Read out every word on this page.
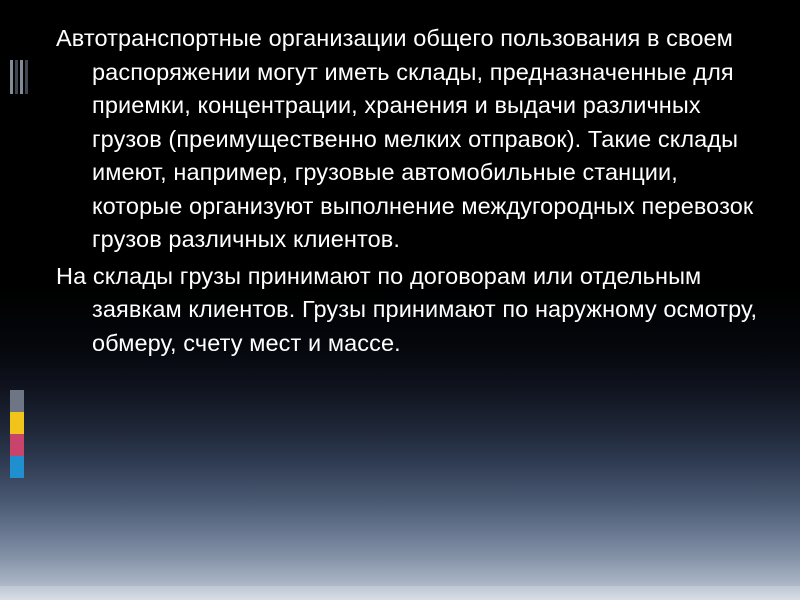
Автотранспортные организации общего пользования в своем распоряжении могут иметь склады, предназначенные для приемки, концентрации, хранения и выдачи различных грузов (преимущественно мелких отправок). Такие склады имеют, например, грузовые автомобильные станции, которые организуют выполнение междугородных перевозок грузов различных клиентов.

На склады грузы принимают по договорам или отдельным заявкам клиентов. Грузы принимают по наружному осмотру, обмеру, счету мест и массе.
